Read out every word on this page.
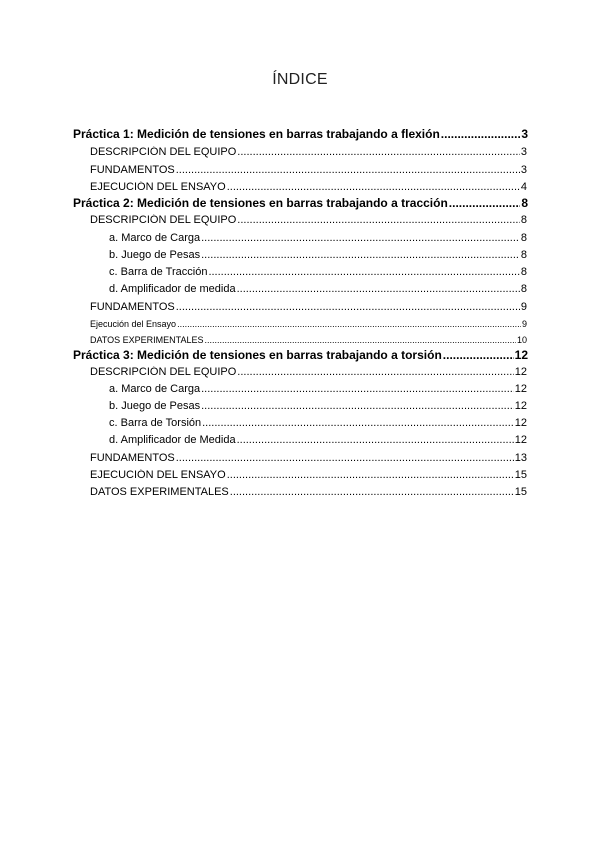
ÍNDICE
Práctica 1: Medición de tensiones en barras trabajando a flexión .....	3
DESCRIPCIÓN DEL EQUIPO .....	3
FUNDAMENTOS .....	3
EJECUCIÓN DEL ENSAYO .....	4
Práctica 2: Medición de tensiones en barras trabajando a tracción .....	8
DESCRIPCIÓN DEL EQUIPO .....	8
a. Marco de Carga .....	8
b. Juego de Pesas .....	8
c. Barra de Tracción .....	8
d. Amplificador de medida .....	8
FUNDAMENTOS .....	9
Ejecución del Ensayo .....	9
DATOS EXPERIMENTALES .....	10
Práctica 3: Medición de tensiones en barras trabajando a torsión .....	12
DESCRIPCIÓN DEL EQUIPO .....	12
a. Marco de Carga .....	12
b. Juego de Pesas .....	12
c. Barra de Torsión .....	12
d. Amplificador de Medida .....	12
FUNDAMENTOS .....	13
EJECUCIÓN DEL ENSAYO .....	15
DATOS EXPERIMENTALES .....	15
